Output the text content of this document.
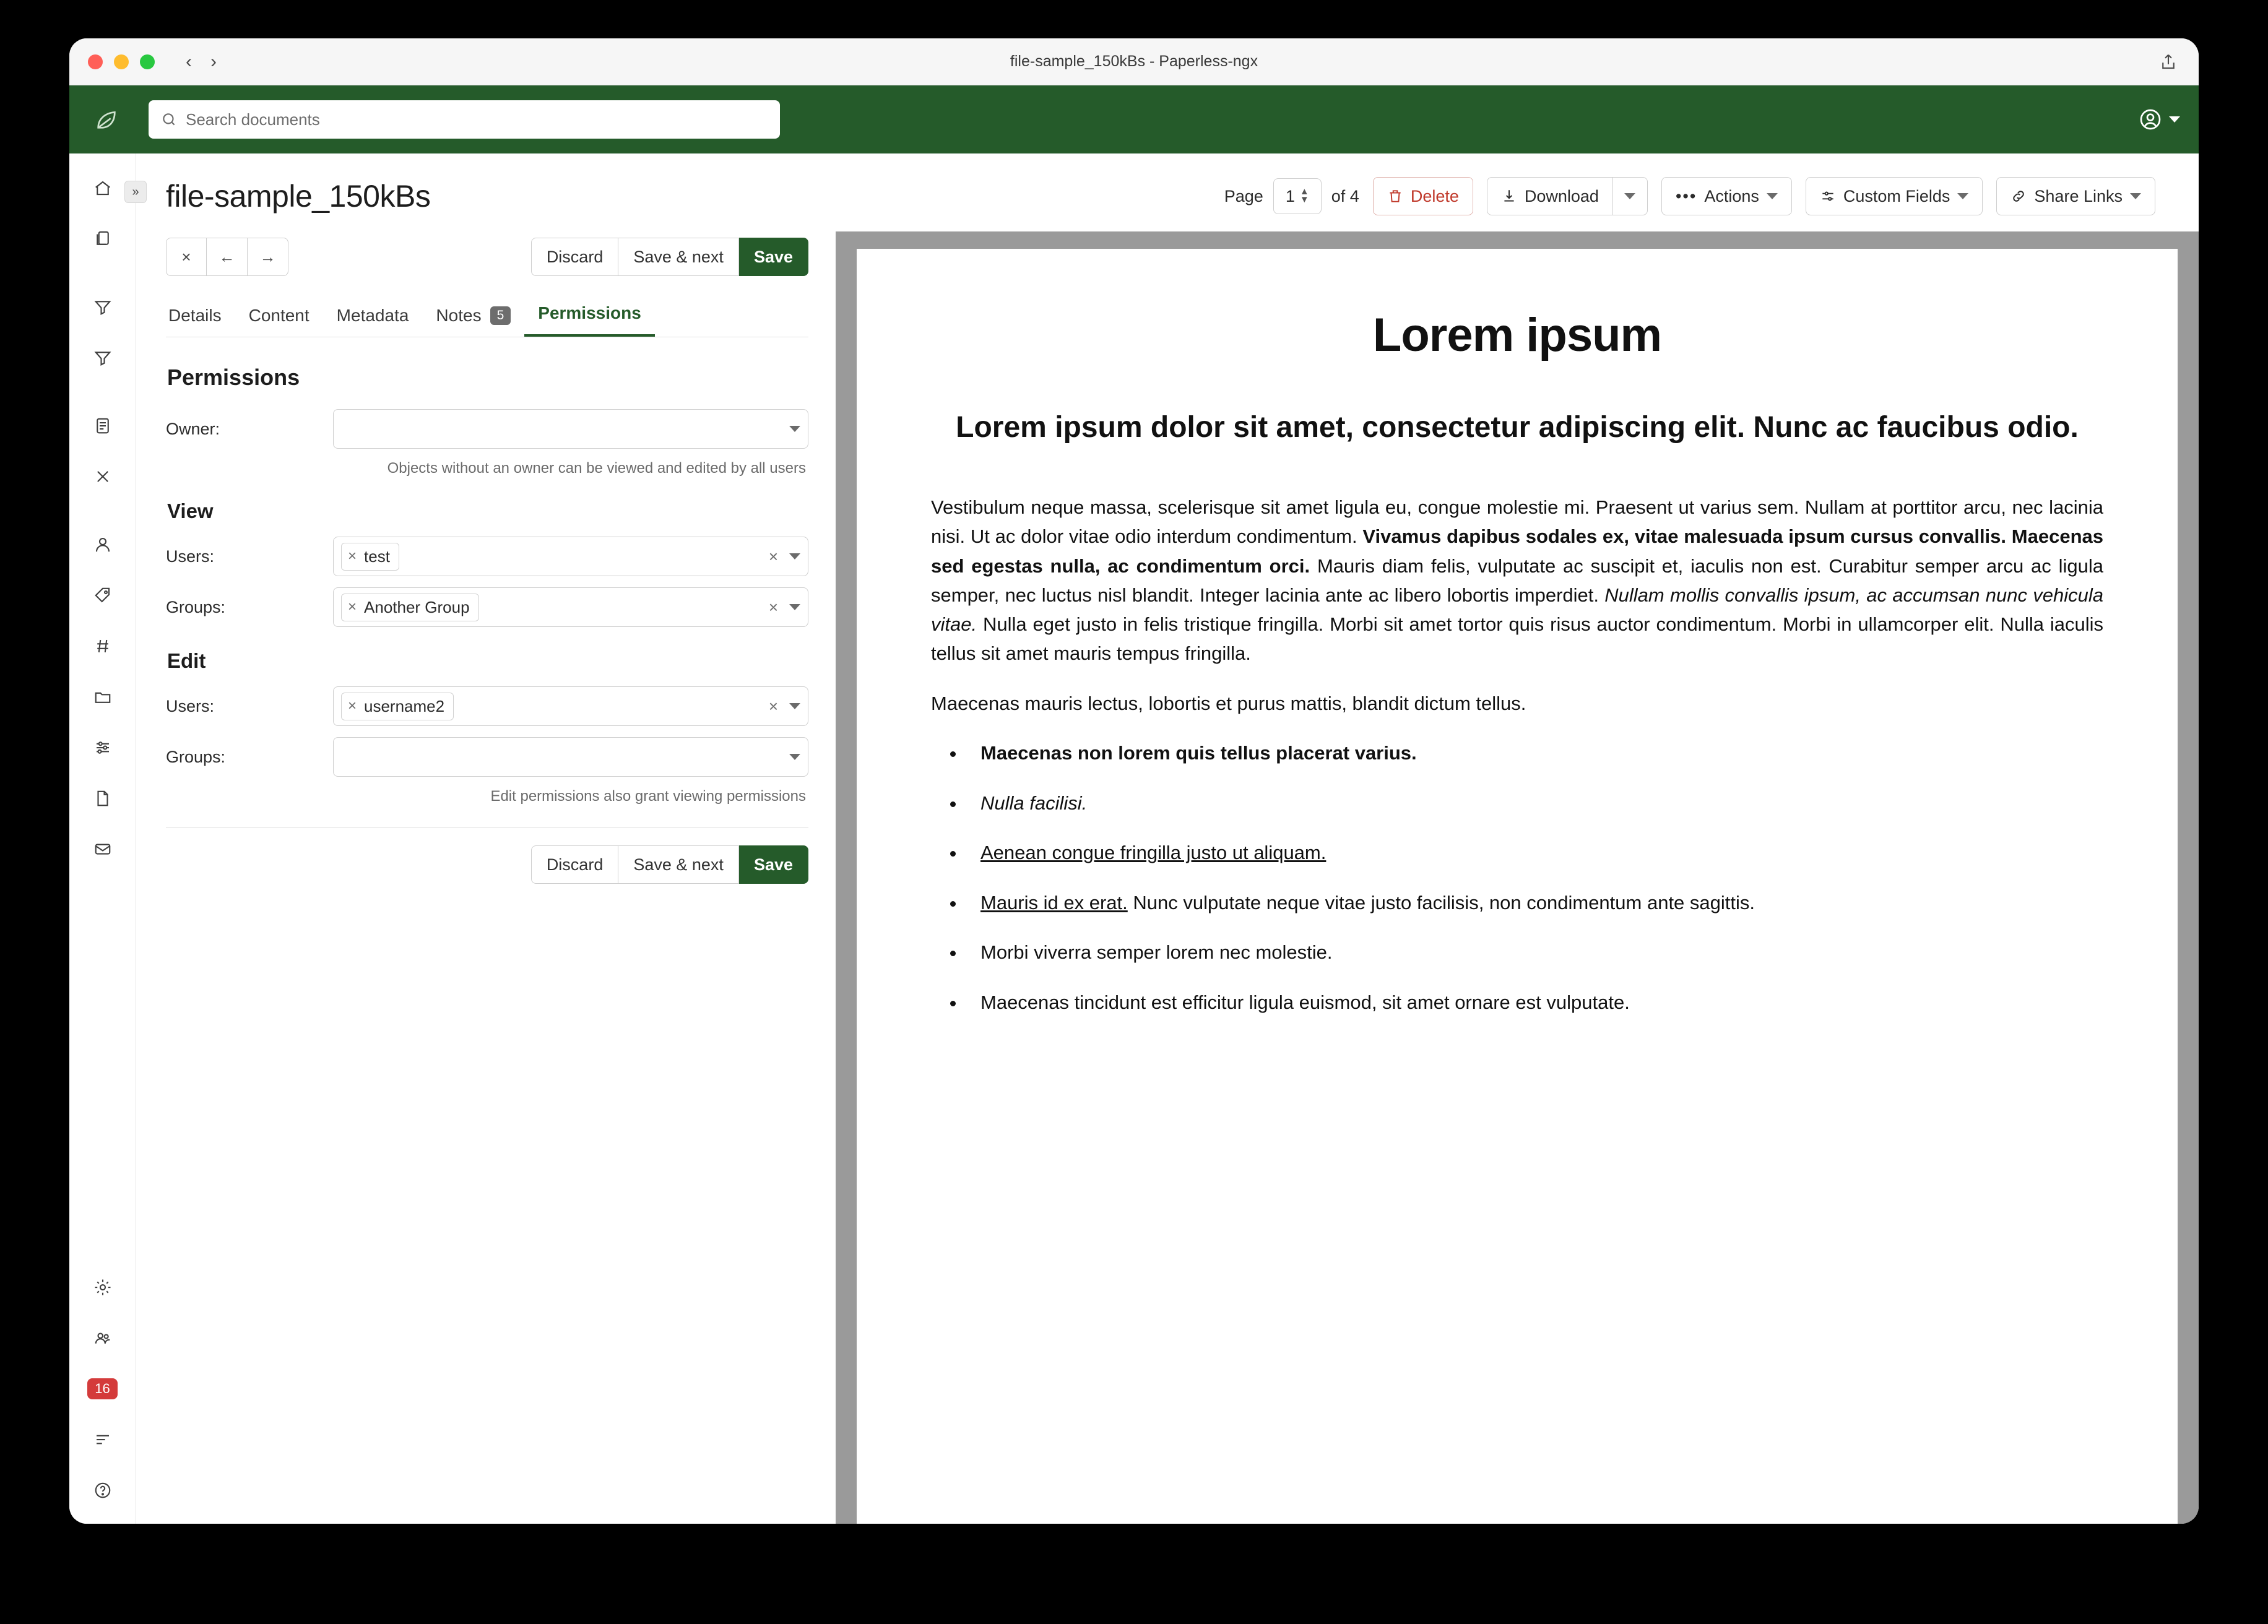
‹ ›	file-sample_150kBs - Paperless-ngx
Search documents
»
16
file-sample_150kBs
×	←	→	Discard	Save & next	Save
Details Content Metadata Notes	5	Permissions
Permissions
Owner:
Objects without an owner can be viewed and edited by all users
View
Users:	× test	×
Groups:	× Another Group	×
Edit
Users:	× username2	×
Groups:
Edit permissions also grant viewing permissions
Discard	Save & next	Save
Page 1 ▲
▼ of 4	Delete	Download	••• Actions	Custom Fields	Share Links
Lorem ipsum
Lorem ipsum dolor sit amet, consectetur adipiscing elit. Nunc ac faucibus odio.

Vestibulum neque massa, scelerisque sit amet ligula eu, congue molestie mi. Praesent ut varius sem. Nullam at porttitor arcu, nec lacinia nisi. Ut ac dolor vitae odio interdum condimentum. Vivamus dapibus sodales ex, vitae malesuada ipsum cursus convallis. Maecenas sed egestas nulla, ac condimentum orci. Mauris diam felis, vulputate ac suscipit et, iaculis non est. Curabitur semper arcu ac ligula semper, nec luctus nisl blandit. Integer lacinia ante ac libero lobortis imperdiet. Nullam mollis convallis ipsum, ac accumsan nunc vehicula vitae. Nulla eget justo in felis tristique fringilla. Morbi sit amet tortor quis risus auctor condimentum. Morbi in ullamcorper elit. Nulla iaculis tellus sit amet mauris tempus fringilla.

Maecenas mauris lectus, lobortis et purus mattis, blandit dictum tellus.

• Maecenas non lorem quis tellus placerat varius.
• Nulla facilisi.
• Aenean congue fringilla justo ut aliquam.
• Mauris id ex erat. Nunc vulputate neque vitae justo facilisis, non condimentum ante sagittis.
• Morbi viverra semper lorem nec molestie.
• Maecenas tincidunt est efficitur ligula euismod, sit amet ornare est vulputate.
